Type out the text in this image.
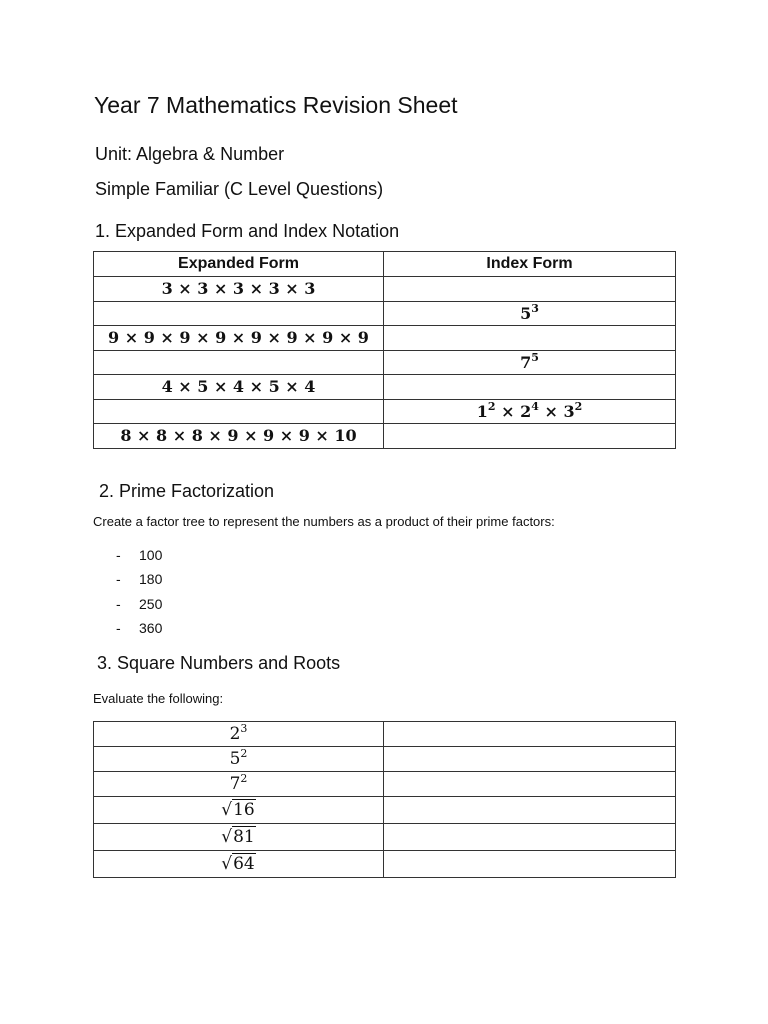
Year 7 Mathematics Revision Sheet
Unit: Algebra & Number
Simple Familiar (C Level Questions)
1. Expanded Form and Index Notation
Expanded Form	Index Form
3 × 3 × 3 × 3 × 3	
	$5^3$
9 × 9 × 9 × 9 × 9 × 9 × 9 × 9	
	$7^5$
4 × 5 × 4 × 5 × 4	
	$1^2 \times 2^4 \times 3^2$
8 × 8 × 8 × 9 × 9 × 9 × 10	
2. Prime Factorization
Create a factor tree to represent the numbers as a product of their prime factors:
- 100
- 180
- 250
- 360
3. Square Numbers and Roots
Evaluate the following:
$2^3$	
$5^2$	
$7^2$	
√16	
√81	
√64	
